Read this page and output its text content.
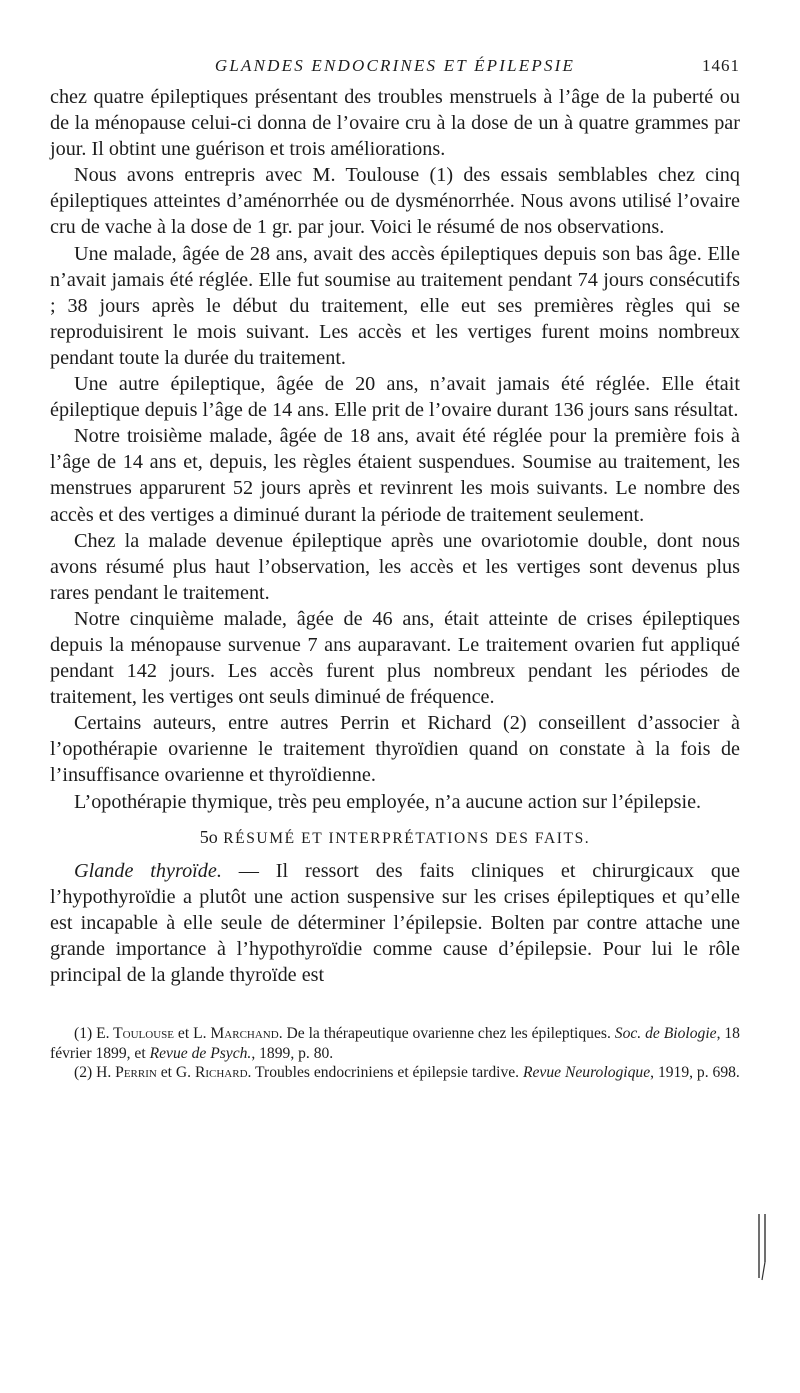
GLANDES ENDOCRINES ET ÉPILEPSIE	1461

chez quatre épileptiques présentant des troubles menstruels à l’âge de la puberté ou de la ménopause celui-ci donna de l’ovaire cru à la dose de un à quatre grammes par jour. Il obtint une guérison et trois améliorations.

Nous avons entrepris avec M. Toulouse (1) des essais semblables chez cinq épileptiques atteintes d’aménorrhée ou de dysménorrhée. Nous avons utilisé l’ovaire cru de vache à la dose de 1 gr. par jour. Voici le résumé de nos observations.

Une malade, âgée de 28 ans, avait des accès épileptiques depuis son bas âge. Elle n’avait jamais été réglée. Elle fut soumise au traitement pendant 74 jours consécutifs ; 38 jours après le début du traitement, elle eut ses premières règles qui se reproduisirent le mois suivant. Les accès et les vertiges furent moins nombreux pendant toute la durée du traitement.

Une autre épileptique, âgée de 20 ans, n’avait jamais été réglée. Elle était épileptique depuis l’âge de 14 ans. Elle prit de l’ovaire durant 136 jours sans résultat.

Notre troisième malade, âgée de 18 ans, avait été réglée pour la première fois à l’âge de 14 ans et, depuis, les règles étaient suspendues. Soumise au traitement, les menstrues apparurent 52 jours après et revinrent les mois suivants. Le nombre des accès et des vertiges a diminué durant la période de traitement seulement.

Chez la malade devenue épileptique après une ovariotomie double, dont nous avons résumé plus haut l’observation, les accès et les vertiges sont devenus plus rares pendant le traitement.

Notre cinquième malade, âgée de 46 ans, était atteinte de crises épileptiques depuis la ménopause survenue 7 ans auparavant. Le traitement ovarien fut appliqué pendant 142 jours. Les accès furent plus nombreux pendant les périodes de traitement, les vertiges ont seuls diminué de fréquence.

Certains auteurs, entre autres Perrin et Richard (2) conseillent d’associer à l’opothérapie ovarienne le traitement thyroïdien quand on constate à la fois de l’insuffisance ovarienne et thyroïdienne.

L’opothérapie thymique, très peu employée, n’a aucune action sur l’épilepsie.

5o RÉSUMÉ ET INTERPRÉTATIONS DES FAITS.

Glande thyroïde. — Il ressort des faits cliniques et chirurgicaux que l’hypothyroïdie a plutôt une action suspensive sur les crises épileptiques et qu’elle est incapable à elle seule de déterminer l’épilepsie. Bolten par contre attache une grande importance à l’hypothyroïdie comme cause d’épilepsie. Pour lui le rôle principal de la glande thyroïde est

(1) E. Toulouse et L. Marchand. De la thérapeutique ovarienne chez les épileptiques. Soc. de Biologie, 18 février 1899, et Revue de Psych., 1899, p. 80.

(2) H. Perrin et G. Richard. Troubles endocriniens et épilepsie tardive. Revue Neurologique, 1919, p. 698.
